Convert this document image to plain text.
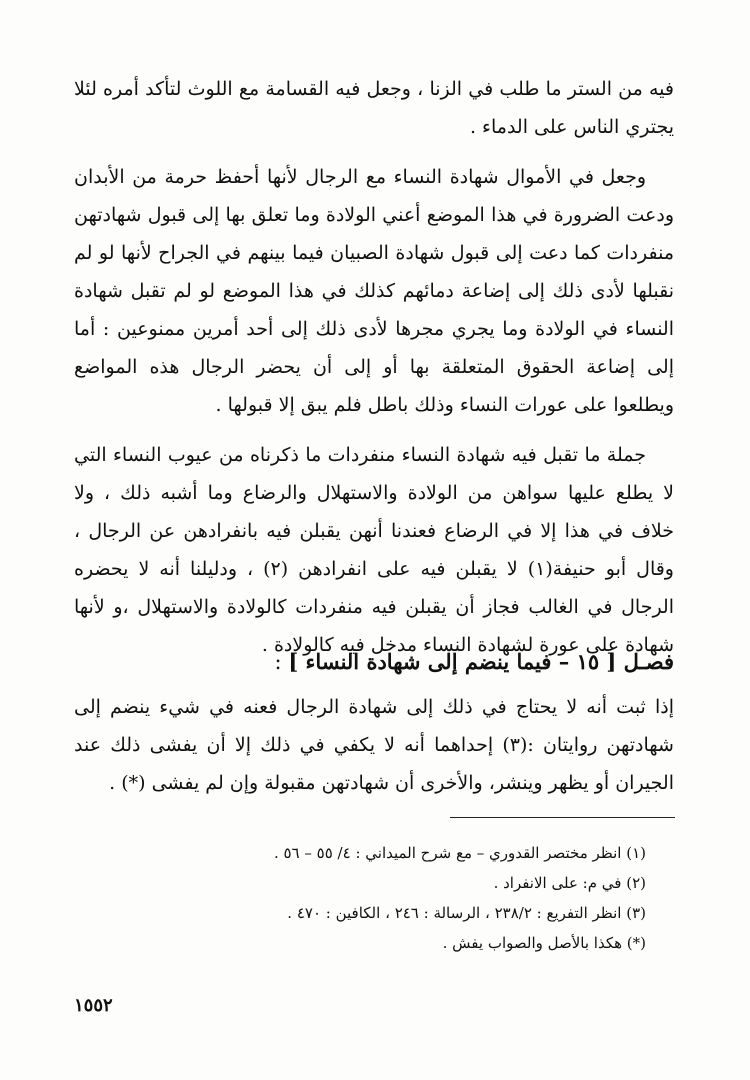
فيه من الستر ما طلب في الزنا ، وجعل فيه القسامة مع اللوث لتأكد أمره لئلا يجتري الناس على الدماء .

وجعل في الأموال شهادة النساء مع الرجال لأنها أحفظ حرمة من الأبدان ودعت الضرورة في هذا الموضع أعني الولادة وما تعلق بها إلى قبول شهادتهن منفردات كما دعت إلى قبول شهادة الصبيان فيما بينهم في الجراح لأنها لو لم نقبلها لأدى ذلك إلى إضاعة دمائهم كذلك في هذا الموضع لو لم تقبل شهادة النساء في الولادة وما يجري مجرها لأدى ذلك إلى أحد أمرين ممنوعين : أما إلى إضاعة الحقوق المتعلقة بها أو إلى أن يحضر الرجال هذه المواضع ويطلعوا على عورات النساء وذلك باطل فلم يبق إلا قبولها .

جملة ما تقبل فيه شهادة النساء منفردات ما ذكرناه من عيوب النساء التي لا يطلع عليها سواهن من الولادة والاستهلال والرضاع وما أشبه ذلك ، ولا خلاف في هذا إلا في الرضاع فعندنا أنهن يقبلن فيه بانفرادهن عن الرجال ، وقال أبو حنيفة(١) لا يقبلن فيه على انفرادهن (٢) ، ودليلنا أنه لا يحضره الرجال في الغالب فجاز أن يقبلن فيه منفردات كالولادة والاستهلال ،و لأنها شهادة على عورة لشهادة النساء مدخل فيه كالولادة .

فصـل [ ١٥ – فيما ينضم إلى شهادة النساء ] :

إذا ثبت أنه لا يحتاج في ذلك إلى شهادة الرجال فعنه في شيء ينضم إلى شهادتهن روايتان :(٣) إحداهما أنه لا يكفي في ذلك إلا أن يفشى ذلك عند الجيران أو يظهر وينشر، والأخرى أن شهادتهن مقبولة وإن لم يفشى (*) .

(١) انظر مختصر القدوري – مع شرح الميداني : ٤/ ٥٥ – ٥٦ .

(٢) في م: على الانفراد .

(٣) انظر التفريع : ٢٣٨/٢ ، الرسالة : ٢٤٦ ، الكافين : ٤٧٠ .

(*) هكذا بالأصل والصواب يفش .

١٥٥٢
